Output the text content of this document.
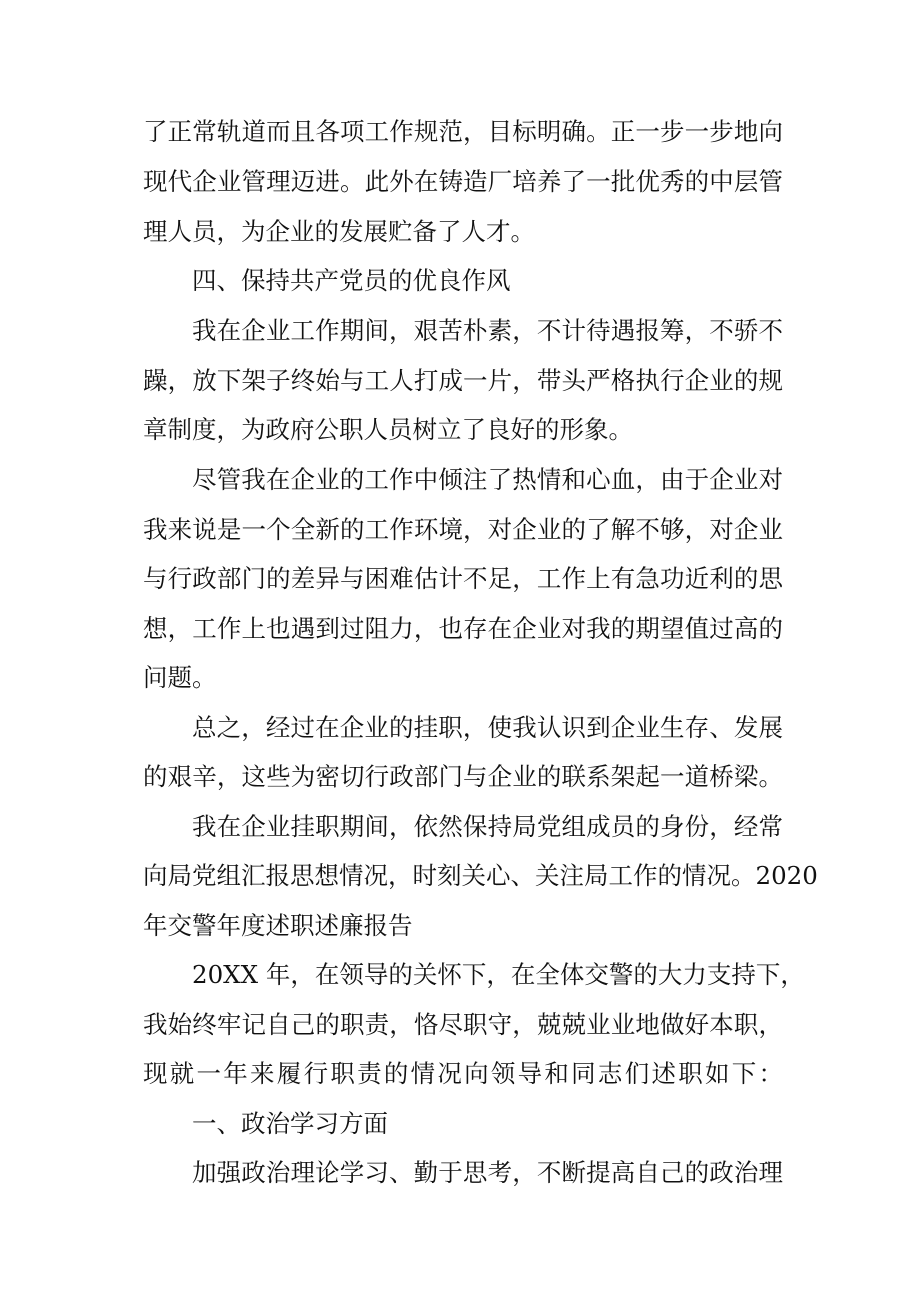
了正常轨道而且各项工作规范，目标明确。正一步一步地向
现代企业管理迈进。此外在铸造厂培养了一批优秀的中层管
理人员，为企业的发展贮备了人才。
四、保持共产党员的优良作风
我在企业工作期间，艰苦朴素，不计待遇报筹，不骄不
躁，放下架子终始与工人打成一片，带头严格执行企业的规
章制度，为政府公职人员树立了良好的形象。
尽管我在企业的工作中倾注了热情和心血，由于企业对
我来说是一个全新的工作环境，对企业的了解不够，对企业
与行政部门的差异与困难估计不足，工作上有急功近利的思
想，工作上也遇到过阻力，也存在企业对我的期望值过高的
问题。
总之，经过在企业的挂职，使我认识到企业生存、发展
的艰辛，这些为密切行政部门与企业的联系架起一道桥梁。
我在企业挂职期间，依然保持局党组成员的身份，经常
向局党组汇报思想情况，时刻关心、关注局工作的情况。2020
年交警年度述职述廉报告
20XX 年，在领导的关怀下，在全体交警的大力支持下，
我始终牢记自己的职责，恪尽职守，兢兢业业地做好本职，
现就一年来履行职责的情况向领导和同志们述职如下：
一、政治学习方面
加强政治理论学习、勤于思考，不断提高自己的政治理
